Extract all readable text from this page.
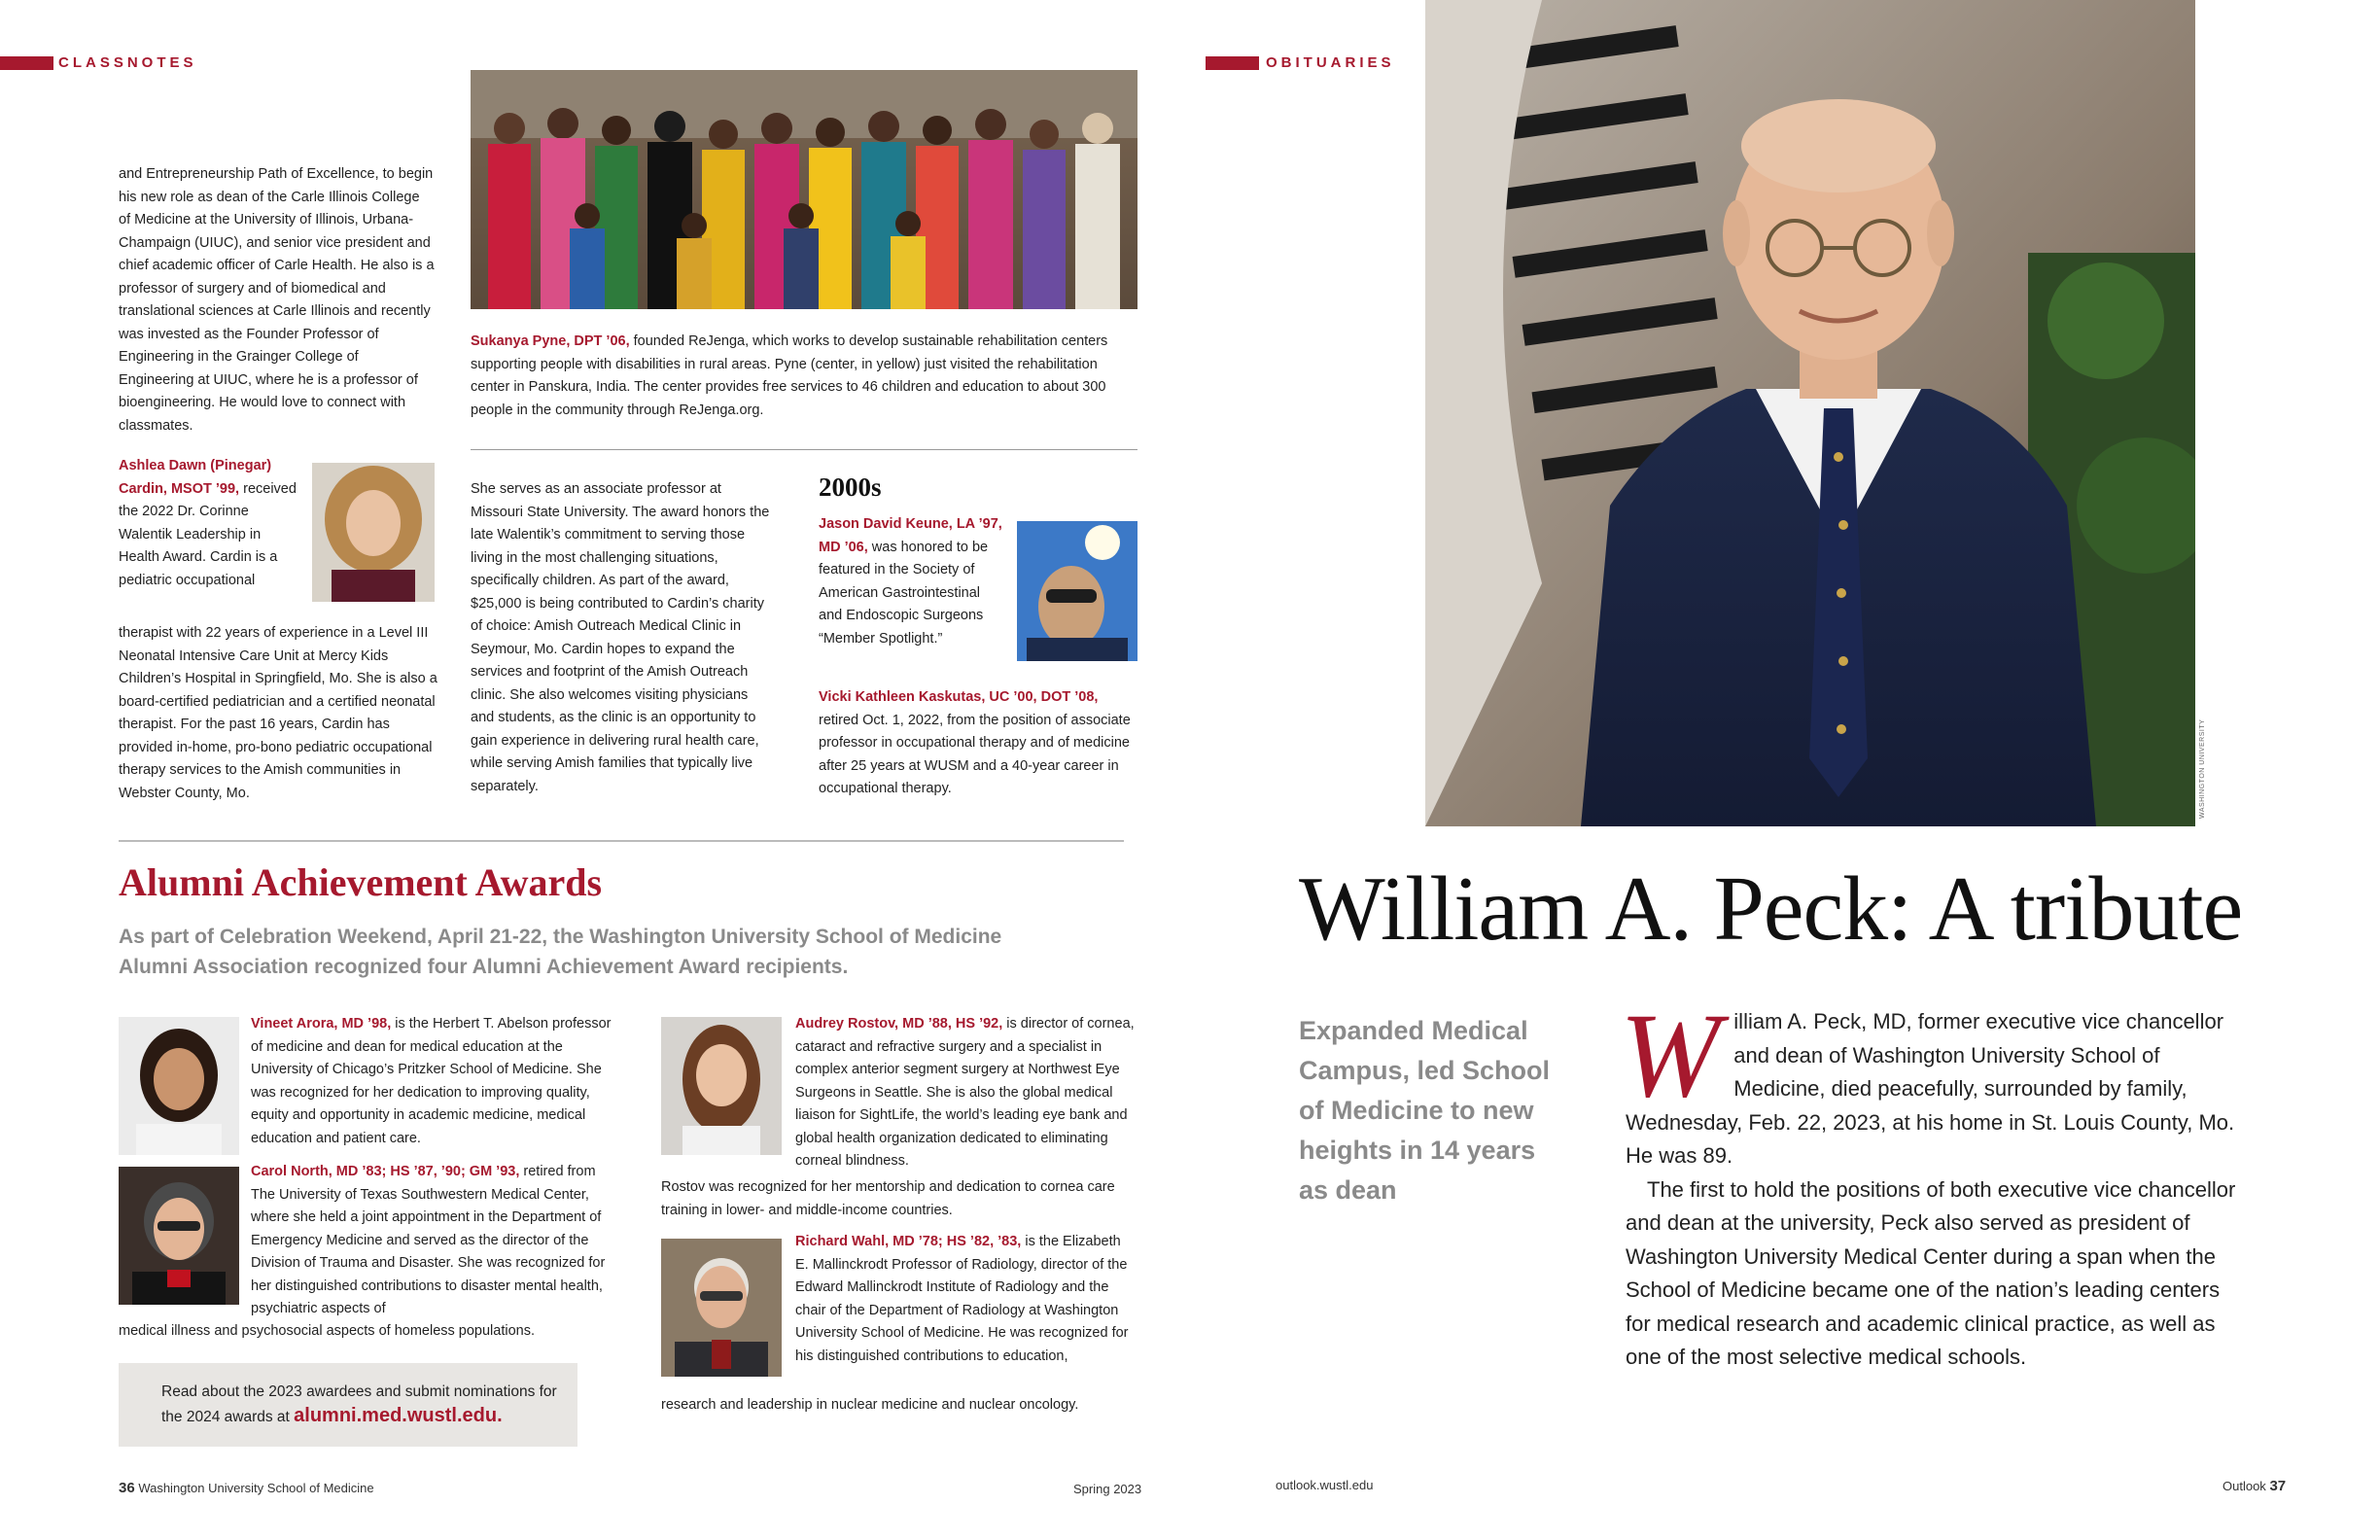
CLASSNOTES

and Entrepreneurship Path of Excellence, to begin his new role as dean of the Carle Illinois College of Medicine at the University of Illinois, Urbana-Champaign (UIUC), and senior vice president and chief academic officer of Carle Health. He also is a professor of surgery and of biomedical and translational sciences at Carle Illinois and recently was invested as the Founder Professor of Engineering in the Grainger College of Engineering at UIUC, where he is a professor of bioengineering. He would love to connect with classmates.

Sukanya Pyne, DPT ’06, founded ReJenga, which works to develop sustainable rehabilitation centers supporting people with disabilities in rural areas. Pyne (center, in yellow) just visited the rehabilitation center in Panskura, India. The center provides free services to 46 children and education to about 300 people in the community through ReJenga.org.

Ashlea Dawn (Pinegar) Cardin, MSOT ’99, received the 2022 Dr. Corinne Walentik Leadership in Health Award. Cardin is a pediatric occupational

therapist with 22 years of experience in a Level III Neonatal Intensive Care Unit at Mercy Kids Children’s Hospital in Springfield, Mo. She is also a board-certified pediatrician and a certified neonatal therapist. For the past 16 years, Cardin has provided in-home, pro-bono pediatric occupational therapy services to the Amish communities in Webster County, Mo.

She serves as an associate professor at Missouri State University. The award honors the late Walentik’s commitment to serving those living in the most challenging situations, specifically children. As part of the award, $25,000 is being contributed to Cardin’s charity of choice: Amish Outreach Medical Clinic in Seymour, Mo. Cardin hopes to expand the services and footprint of the Amish Outreach clinic. She also welcomes visiting physicians and students, as the clinic is an opportunity to gain experience in delivering rural health care, while serving Amish families that typically live separately.

2000s

Jason David Keune, LA ’97, MD ’06, was honored to be featured in the Society of American Gastrointestinal and Endoscopic Surgeons “Member Spotlight.”

Vicki Kathleen Kaskutas, UC ’00, DOT ’08, retired Oct. 1, 2022, from the position of associate professor in occupational therapy and of medicine after 25 years at WUSM and a 40-year career in occupational therapy.

Alumni Achievement Awards

As part of Celebration Weekend, April 21-22, the Washington University School of Medicine Alumni Association recognized four Alumni Achievement Award recipients.

Vineet Arora, MD ’98, is the Herbert T. Abelson professor of medicine and dean for medical education at the University of Chicago’s Pritzker School of Medicine. She was recognized for her dedication to improving quality, equity and opportunity in academic medicine, medical education and patient care.

Carol North, MD ’83; HS ’87, ’90; GM ’93, retired from The University of Texas Southwestern Medical Center, where she held a joint appointment in the Department of Emergency Medicine and served as the director of the Division of Trauma and Disaster. She was recognized for her distinguished contributions to disaster mental health, psychiatric aspects of

medical illness and psychosocial aspects of homeless populations.

Audrey Rostov, MD ’88, HS ’92, is director of cornea, cataract and refractive surgery and a specialist in complex anterior segment surgery at Northwest Eye Surgeons in Seattle. She is also the global medical liaison for SightLife, the world’s leading eye bank and global health organization dedicated to eliminating corneal blindness.

Rostov was recognized for her mentorship and dedication to cornea care training in lower- and middle-income countries.

Richard Wahl, MD ’78; HS ’82, ’83, is the Elizabeth E. Mallinckrodt Professor of Radiology, director of the Edward Mallinckrodt Institute of Radiology and the chair of the Department of Radiology at Washington University School of Medicine. He was recognized for his distinguished contributions to education,

research and leadership in nuclear medicine and nuclear oncology.

Read about the 2023 awardees and submit nominations for the 2024 awards at alumni.med.wustl.edu.

36 Washington University School of Medicine	Spring 2023
OBITUARIES
WASHINGTON UNIVERSITY
William A. Peck: A tribute

Expanded Medical Campus, led School of Medicine to new heights in 14 years as dean

W illiam A. Peck, MD, former executive vice chancellor and dean of Washington University School of Medicine, died peacefully, surrounded by family, Wednesday, Feb. 22, 2023, at his home in St. Louis County, Mo. He was 89.

The first to hold the positions of both executive vice chancellor and dean at the university, Peck also served as president of Washington University Medical Center during a span when the School of Medicine became one of the nation’s leading centers for medical research and academic clinical practice, as well as one of the most selective medical schools.

outlook.wustl.edu	Outlook 37
